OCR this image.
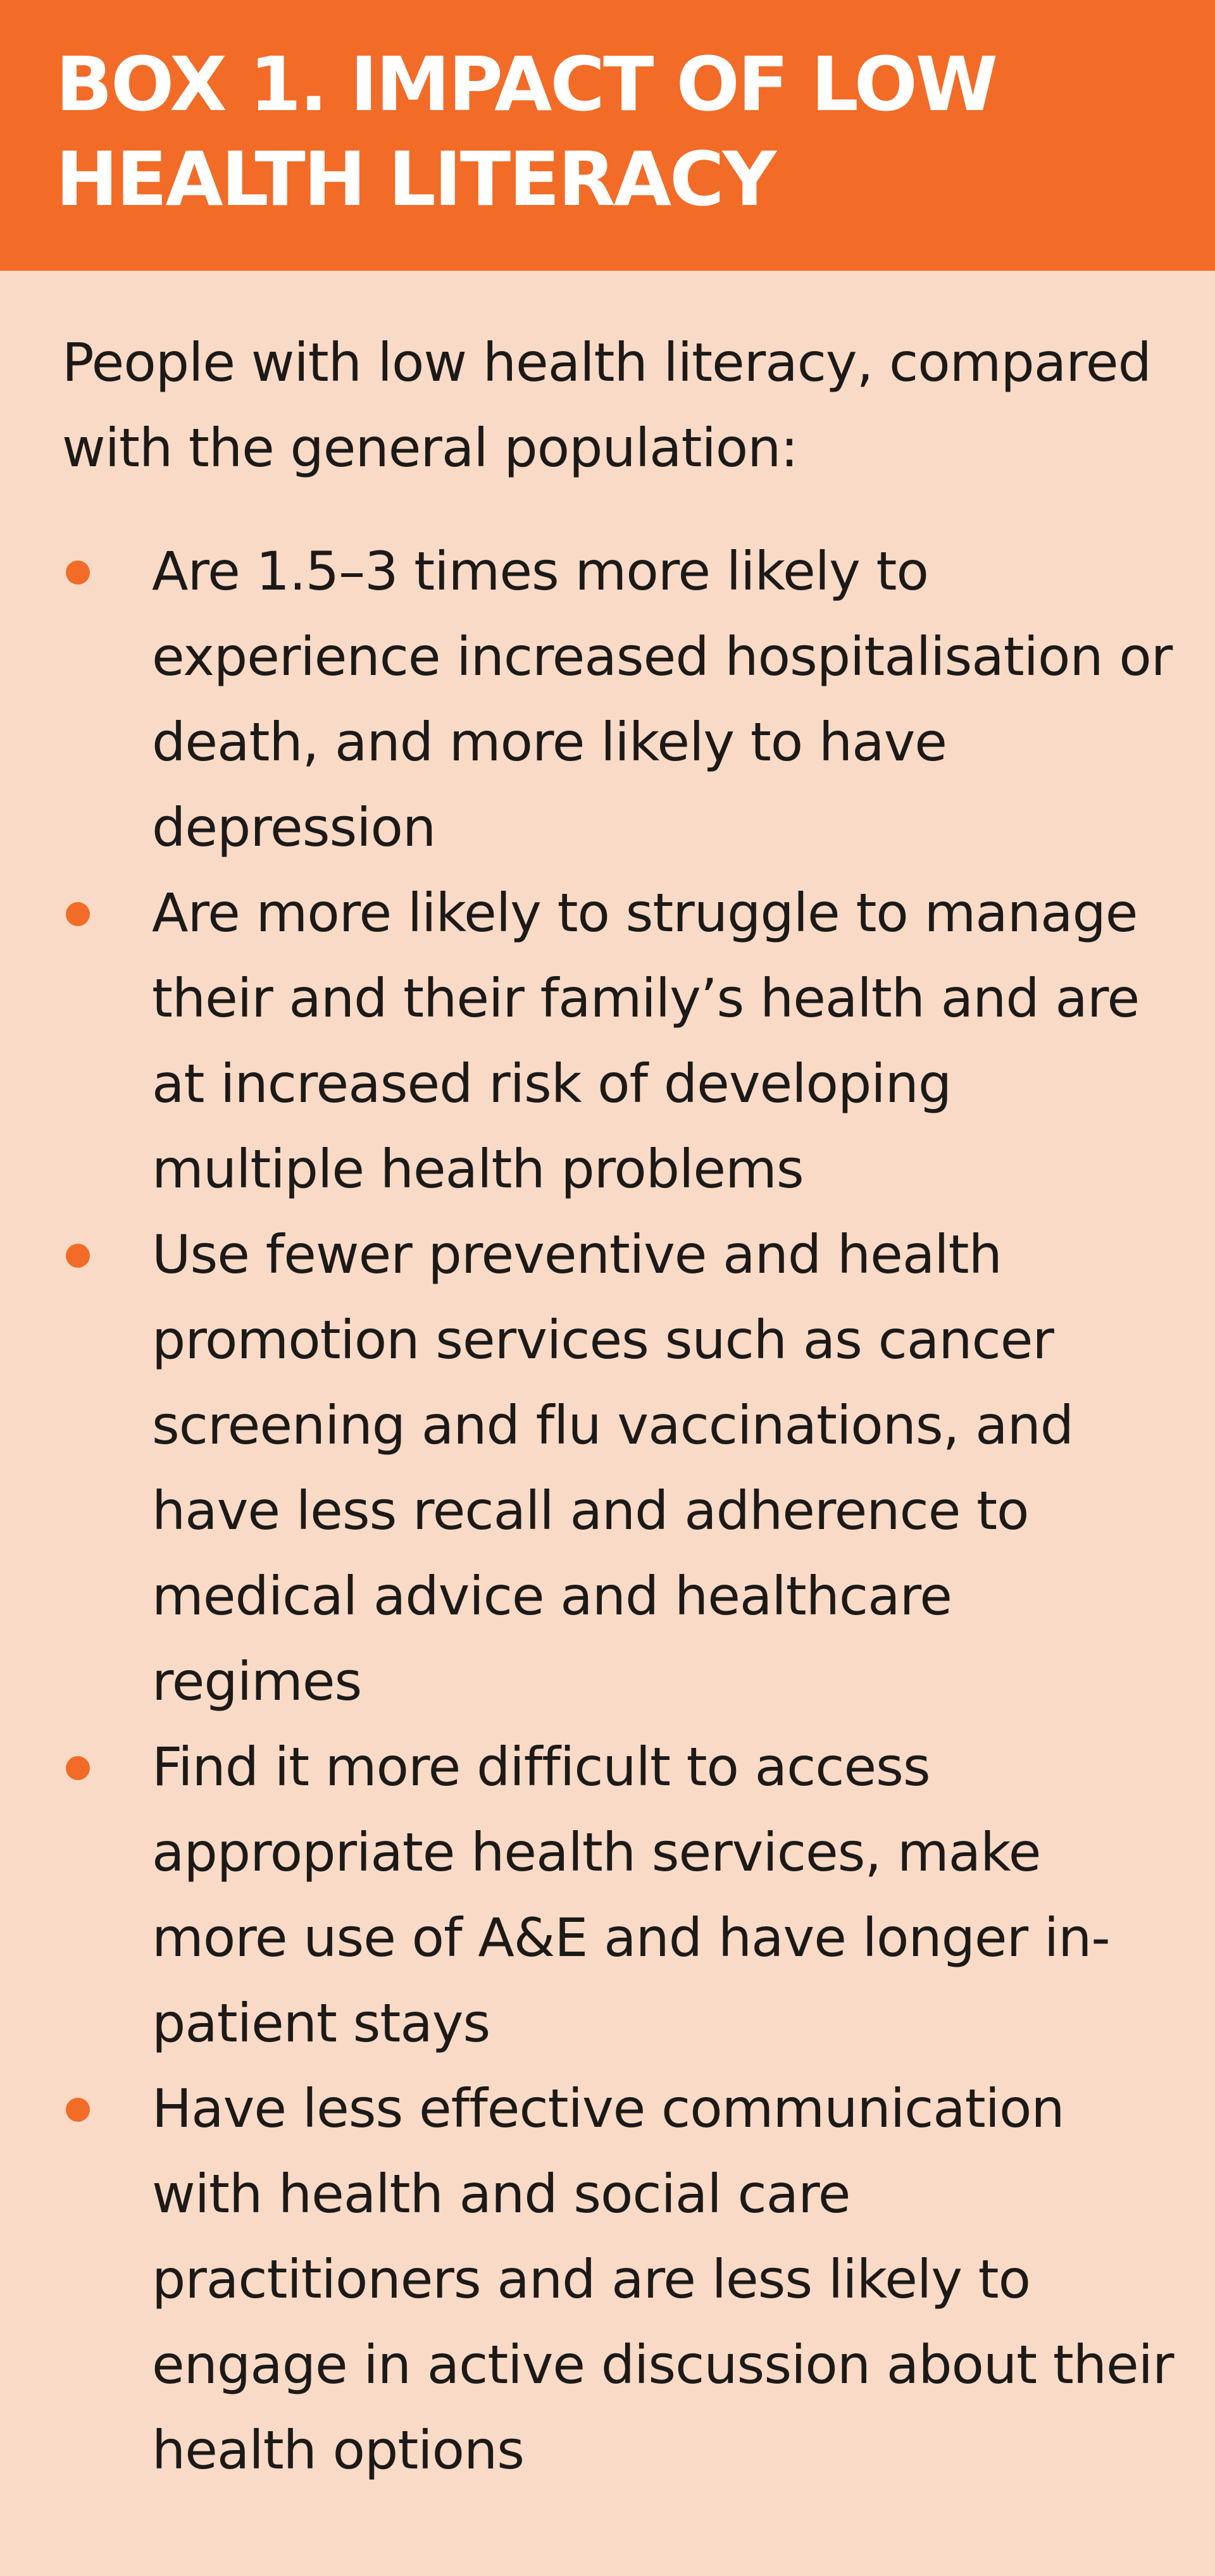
BOX 1. IMPACT OF LOW
HEALTH LITERACY

People with low health literacy, compared with the general population:

Are 1.5–3 times more likely to experience increased hospitalisation or death, and more likely to have depression
Are more likely to struggle to manage their and their family’s health and are at increased risk of developing multiple health problems
Use fewer preventive and health promotion services such as cancer screening and flu vaccinations, and have less recall and adherence to medical advice and healthcare regimes
Find it more difficult to access appropriate health services, make more use of A&E and have longer in-patient stays
Have less effective communication with health and social care practitioners and are less likely to engage in active discussion about their health options
